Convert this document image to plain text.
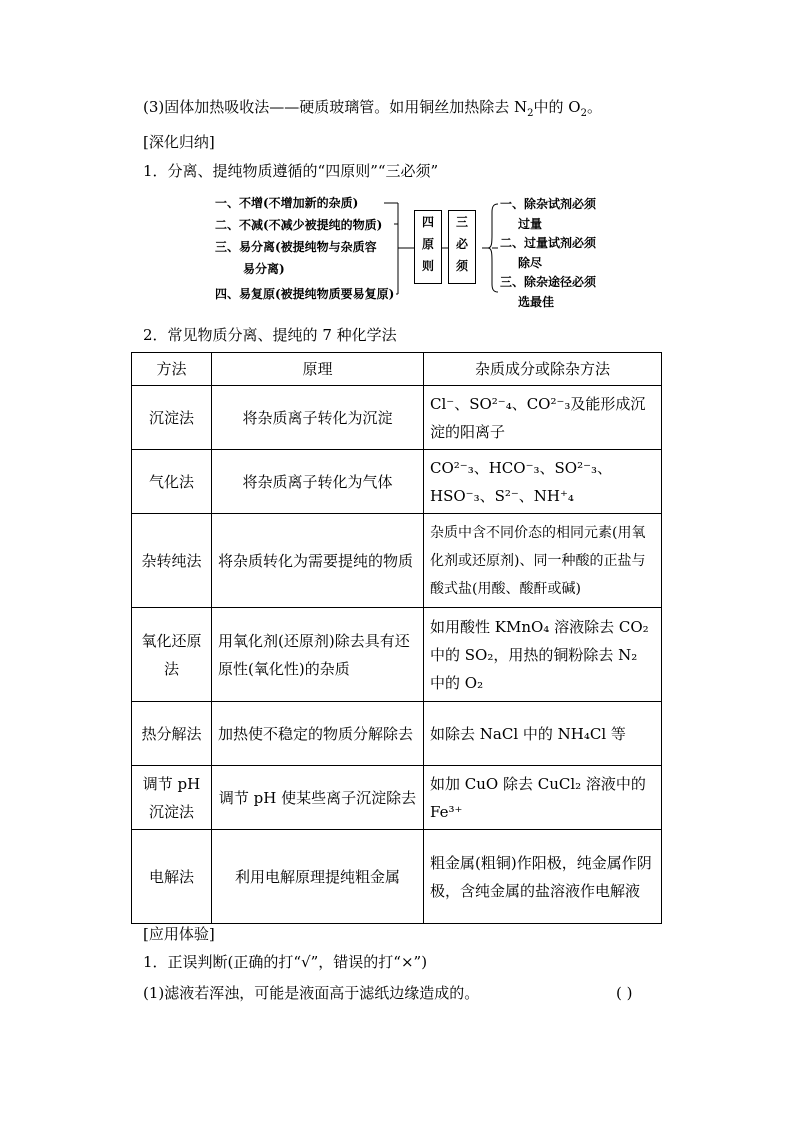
(3)固体加热吸收法——硬质玻璃管。如用铜丝加热除去 $N_2$中的 $O_2$。
[深化归纳]
1．分离、提纯物质遵循的“四原则”“三必须”
一、不增(不增加新的杂质)
二、不减(不减少被提纯的物质)
三、易分离(被提纯物与杂质容
易分离)
四、易复原(被提纯物质要易复原)
四
原
则
三
必
须
一、除杂试剂必须
过量
二、过量试剂必须
除尽
三、除杂途径必须
选最佳
2．常见物质分离、提纯的 7 种化学法
方法	原理	杂质成分或除杂方法
沉淀法	将杂质离子转化为沉淀	Cl⁻、SO²⁻₄、CO²⁻₃及能形成沉淀的阳离子
气化法	将杂质离子转化为气体	CO²⁻₃、HCO⁻₃、SO²⁻₃、HSO⁻₃、S²⁻、NH⁺₄
杂转纯法	将杂质转化为需要提纯的物质	杂质中含不同价态的相同元素(用氧化剂或还原剂)、同一种酸的正盐与酸式盐(用酸、酸酐或碱)
氧化还原法	用氧化剂(还原剂)除去具有还原性(氧化性)的杂质	如用酸性 KMnO₄ 溶液除去 CO₂ 中的 SO₂，用热的铜粉除去 N₂ 中的 O₂
热分解法	加热使不稳定的物质分解除去	如除去 NaCl 中的 NH₄Cl 等
调节 pH 沉淀法	调节 pH 使某些离子沉淀除去	如加 CuO 除去 CuCl₂ 溶液中的 Fe³⁺
电解法	利用电解原理提纯粗金属	粗金属(粗铜)作阳极，纯金属作阴极，含纯金属的盐溶液作电解液
[应用体验]
1．正误判断(正确的打“√”，错误的打“×”)
(1)滤液若浑浊，可能是液面高于滤纸边缘造成的。	( )
